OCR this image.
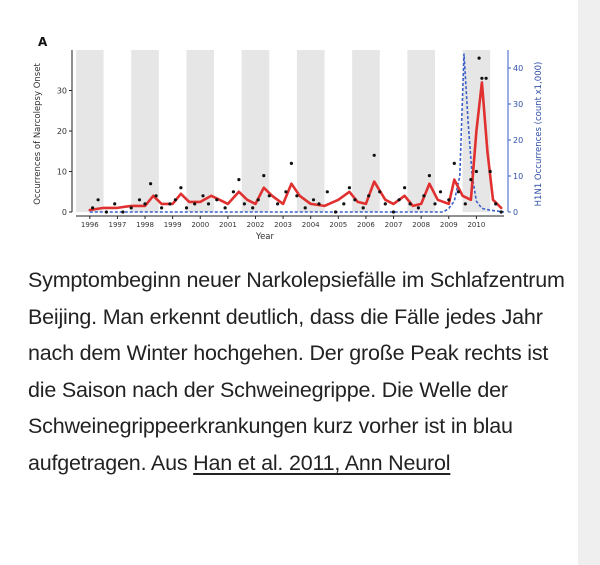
0
10
20
30
0
10
20
30
40
1996 1997 1998 1999 2000 2001 2002 2003 2004 2005 2006 2007 2008 2009 2010
A
Occurrences of Narcolepsy Onset	H1N1 Occurrences (count x1,000)
Year
Symptombeginn neuer Narkolepsiefälle im Schlafzentrum Beijing. Man erkennt deutlich, dass die Fälle jedes Jahr nach dem Winter hochgehen. Der große Peak rechts ist die Saison nach der Schweinegrippe. Die Welle der Schweinegrippeerkrankungen kurz vorher ist in blau aufgetragen. Aus Han et al. 2011, Ann Neurol
